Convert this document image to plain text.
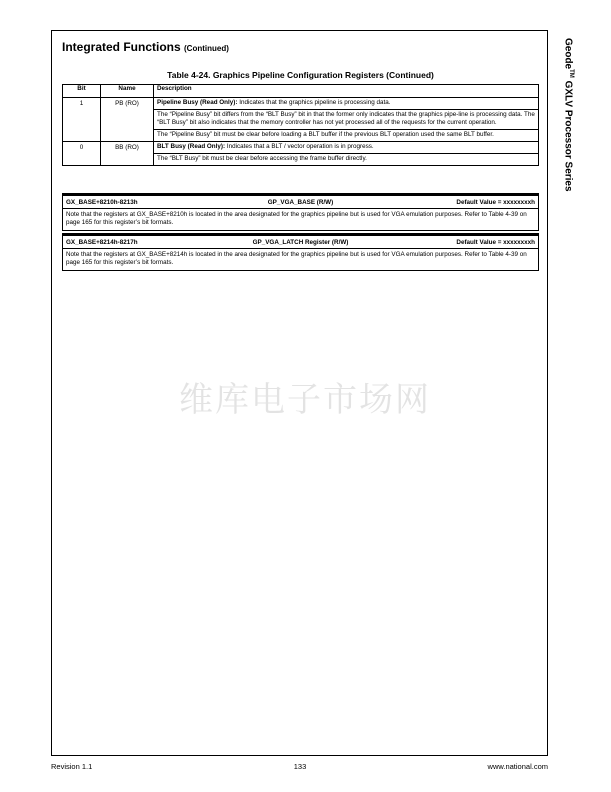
Integrated Functions (Continued)
Table 4-24. Graphics Pipeline Configuration Registers (Continued)
Bit	Name	Description
1	PB (RO)	Pipeline Busy (Read Only): Indicates that the graphics pipeline is processing data.
The “Pipeline Busy” bit differs from the “BLT Busy” bit in that the former only indicates that the graphics pipe-line is processing data. The “BLT Busy” bit also indicates that the memory controller has not yet processed all of the requests for the current operation.
The “Pipeline Busy” bit must be clear before loading a BLT buffer if the previous BLT operation used the same BLT buffer.

0	BB (RO)	BLT Busy (Read Only): Indicates that a BLT / vector operation is in progress.
The “BLT Busy” bit must be clear before accessing the frame buffer directly.
GX_BASE+8210h-8213h	GP_VGA_BASE (R/W)	Default Value = xxxxxxxxh
Note that the registers at GX_BASE+8210h is located in the area designated for the graphics pipeline but is used for VGA emulation purposes. Refer to Table 4-39 on page 165 for this register’s bit formats.
GX_BASE+8214h-8217h	GP_VGA_LATCH Register (R/W)	Default Value = xxxxxxxxh
Note that the registers at GX_BASE+8214h is located in the area designated for the graphics pipeline but is used for VGA emulation purposes. Refer to Table 4-39 on page 165 for this register’s bit formats.
Geode™ GXLV Processor Series
维库电子市场网
Revision 1.1	133	www.national.com
